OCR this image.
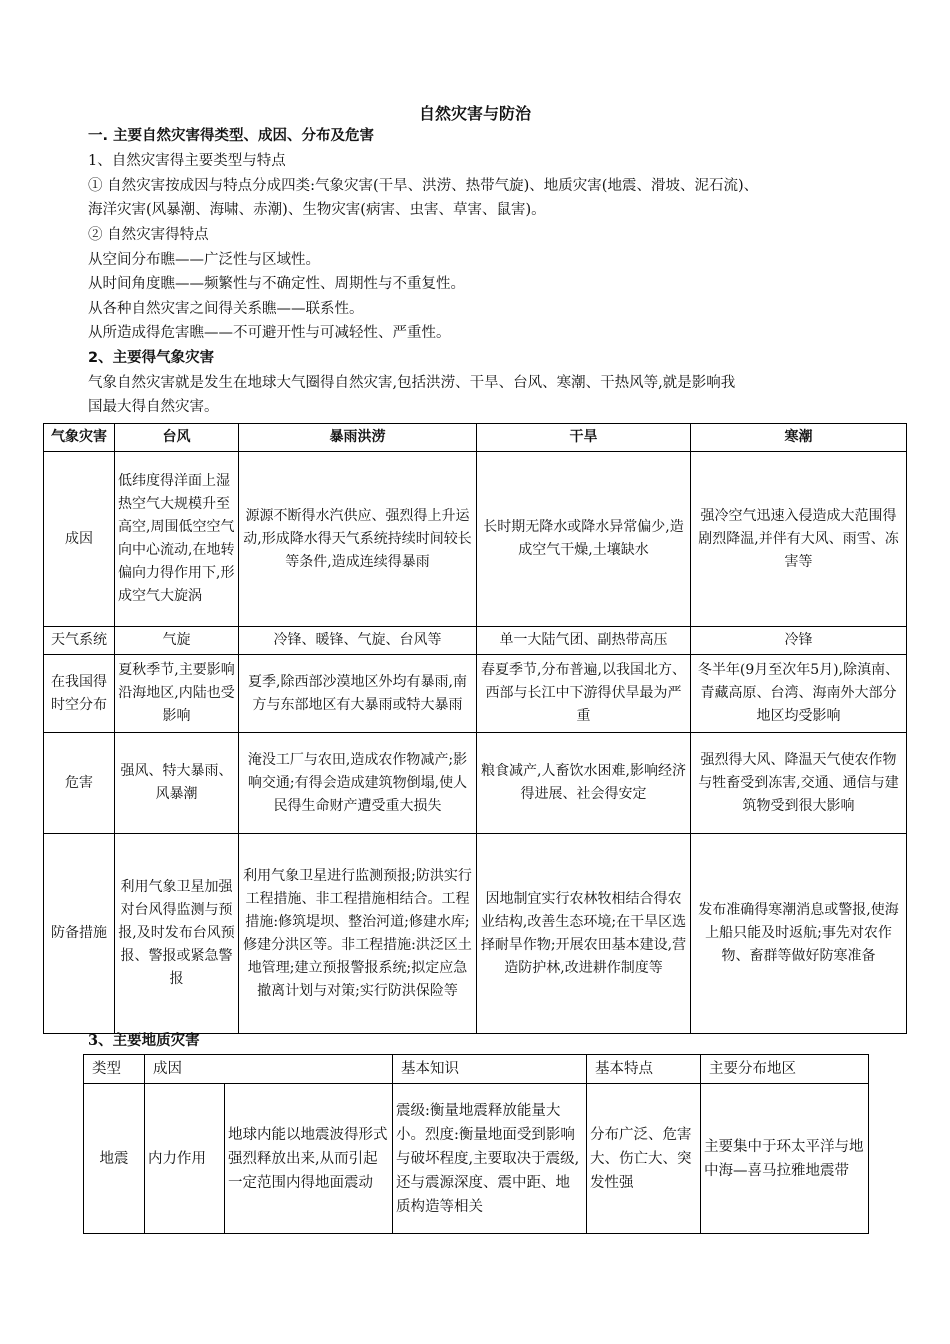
自然灾害与防治
一. 主要自然灾害得类型、成因、分布及危害
1、自然灾害得主要类型与特点
① 自然灾害按成因与特点分成四类:气象灾害(干旱、洪涝、热带气旋)、地质灾害(地震、滑坡、泥石流)、
海洋灾害(风暴潮、海啸、赤潮)、生物灾害(病害、虫害、草害、鼠害)。
② 自然灾害得特点
从空间分布瞧——广泛性与区域性。
从时间角度瞧——频繁性与不确定性、周期性与不重复性。
从各种自然灾害之间得关系瞧——联系性。
从所造成得危害瞧——不可避开性与可减轻性、严重性。
2、主要得气象灾害
气象自然灾害就是发生在地球大气圈得自然灾害,包括洪涝、干旱、台风、寒潮、干热风等,就是影响我
国最大得自然灾害。
气象灾害	台风	暴雨洪涝	干旱	寒潮
成因	低纬度得洋面上湿热空气大规模升至高空,周围低空空气向中心流动,在地转偏向力得作用下,形成空气大旋涡	源源不断得水汽供应、强烈得上升运动,形成降水得天气系统持续时间较长等条件,造成连续得暴雨	长时期无降水或降水异常偏少,造成空气干燥,土壤缺水	强冷空气迅速入侵造成大范围得剧烈降温,并伴有大风、雨雪、冻害等
天气系统	气旋	冷锋、暖锋、气旋、台风等	单一大陆气团、副热带高压	冷锋
在我国得时空分布	夏秋季节,主要影响沿海地区,内陆也受影响	夏季,除西部沙漠地区外均有暴雨,南方与东部地区有大暴雨或特大暴雨	春夏季节,分布普遍,以我国北方、西部与长江中下游得伏旱最为严重	冬半年(9月至次年5月),除滇南、青藏高原、台湾、海南外大部分地区均受影响
危害	强风、特大暴雨、风暴潮	淹没工厂与农田,造成农作物减产;影响交通;有得会造成建筑物倒塌,使人民得生命财产遭受重大损失	粮食减产,人畜饮水困难,影响经济得进展、社会得安定	强烈得大风、降温天气使农作物与牲畜受到冻害,交通、通信与建筑物受到很大影响
防备措施	利用气象卫星加强对台风得监测与预报,及时发布台风预报、警报或紧急警报	利用气象卫星进行监测预报;防洪实行工程措施、非工程措施相结合。工程措施:修筑堤坝、整治河道;修建水库;修建分洪区等。非工程措施:洪泛区土地管理;建立预报警报系统;拟定应急撤离计划与对策;实行防洪保险等	因地制宜实行农林牧相结合得农业结构,改善生态环境;在干旱区选择耐旱作物;开展农田基本建设,营造防护林,改进耕作制度等	发布准确得寒潮消息或警报,使海上船只能及时返航;事先对农作物、畜群等做好防寒准备
3、主要地质灾害
类型	成因		基本知识	基本特点	主要分布地区
地震	内力作用	地球内能以地震波得形式强烈释放出来,从而引起一定范围内得地面震动	震级:衡量地震释放能量大小。烈度:衡量地面受到影响与破坏程度,主要取决于震级,还与震源深度、震中距、地质构造等相关	分布广泛、危害大、伤亡大、突发性强	主要集中于环太平洋与地中海—喜马拉雅地震带
